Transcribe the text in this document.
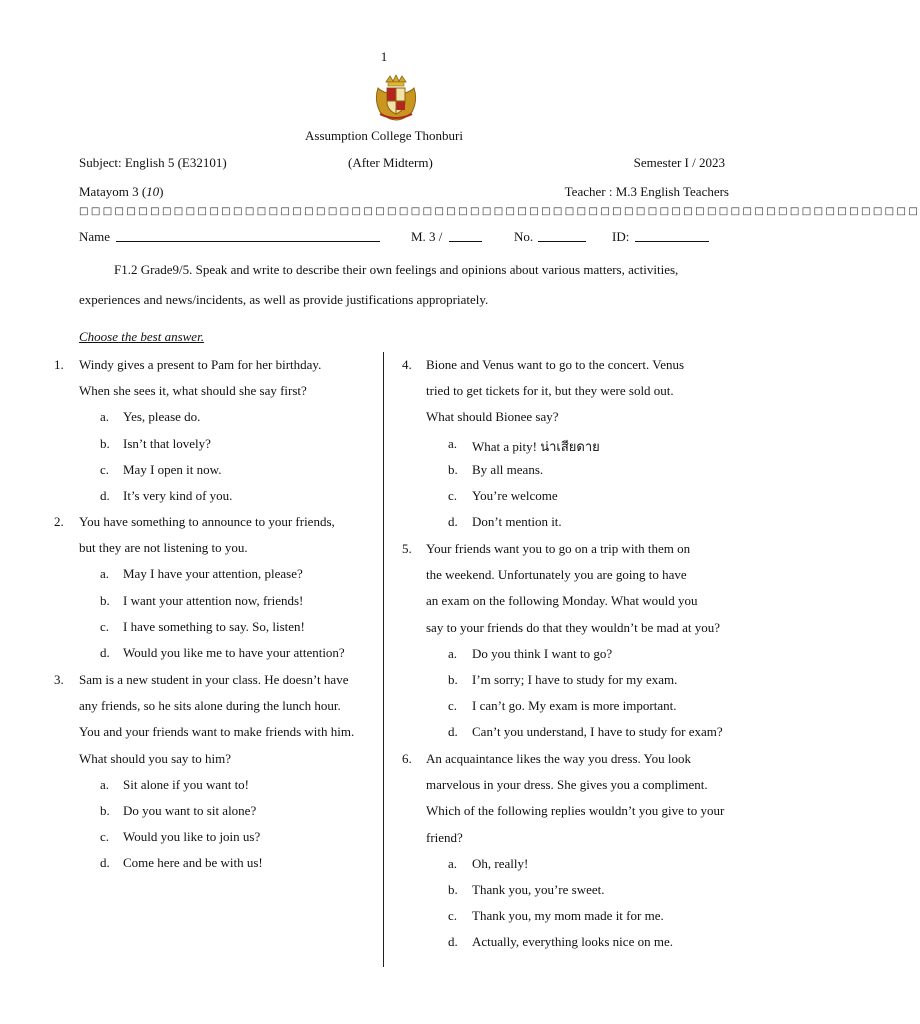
1
Assumption College Thonburi
Subject: English 5 (E32101)	(After Midterm)	Semester I / 2023
Matayom 3 (10)	Teacher : M.3 English Teachers
□□□□□□□□□□□□□□□□□□□□□□□□□□□□□□□□□□□□□□□□□□□□□□□□□□□□□□□□□□□□□□□□□□□□□□□
Name	M. 3 /	No.	ID:
F1.2 Grade9/5. Speak and write to describe their own feelings and opinions about various matters, activities,
experiences and news/incidents, as well as provide justifications appropriately.
Choose the best answer.
1. Windy gives a present to Pam for her birthday.
When she sees it, what should she say first?
a. Yes, please do.
b. Isn’t that lovely?
c. May I open it now.
d. It’s very kind of you.
2. You have something to announce to your friends,
but they are not listening to you.
a. May I have your attention, please?
b. I want your attention now, friends!
c. I have something to say. So, listen!
d. Would you like me to have your attention?
3. Sam is a new student in your class. He doesn’t have
any friends, so he sits alone during the lunch hour.
You and your friends want to make friends with him.
What should you say to him?
a. Sit alone if you want to!
b. Do you want to sit alone?
c. Would you like to join us?
d. Come here and be with us!
4. Bione and Venus want to go to the concert. Venus
tried to get tickets for it, but they were sold out.
What should Bionee say?
a. What a pity! น่าเสียดาย
b. By all means.
c. You’re welcome
d. Don’t mention it.
5. Your friends want you to go on a trip with them on
the weekend. Unfortunately you are going to have
an exam on the following Monday. What would you
say to your friends do that they wouldn’t be mad at you?
a. Do you think I want to go?
b. I’m sorry; I have to study for my exam.
c. I can’t go. My exam is more important.
d. Can’t you understand, I have to study for exam?
6. An acquaintance likes the way you dress. You look
marvelous in your dress. She gives you a compliment.
Which of the following replies wouldn’t you give to your
friend?
a. Oh, really!
b. Thank you, you’re sweet.
c. Thank you, my mom made it for me.
d. Actually, everything looks nice on me.
